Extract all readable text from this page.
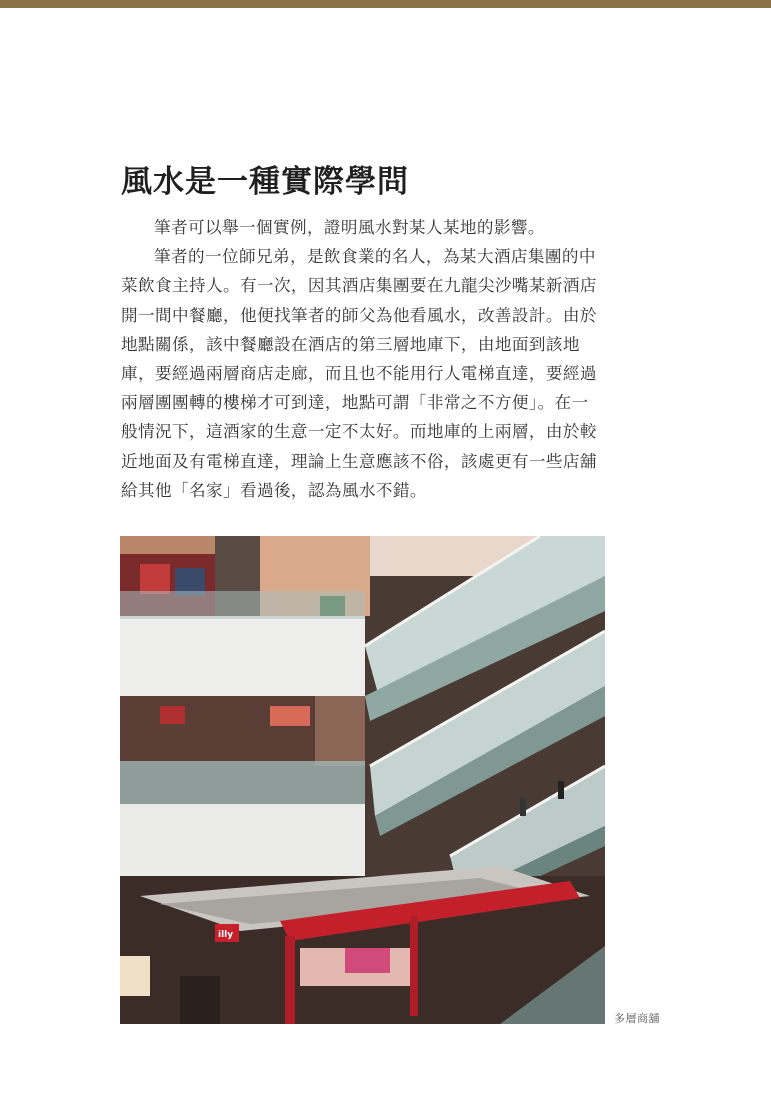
風水是一種實際學問

筆者可以舉一個實例，證明風水對某人某地的影響。

筆者的一位師兄弟，是飲食業的名人，為某大酒店集團的中菜飲食主持人。有一次，因其酒店集團要在九龍尖沙嘴某新酒店開一間中餐廳，他便找筆者的師父為他看風水，改善設計。由於地點關係，該中餐廳設在酒店的第三層地庫下，由地面到該地庫，要經過兩層商店走廊，而且也不能用行人電梯直達，要經過兩層團團轉的樓梯才可到達，地點可謂「非常之不方便」。在一般情況下，這酒家的生意一定不太好。而地庫的上兩層，由於較近地面及有電梯直達，理論上生意應該不俗，該處更有一些店舖給其他「名家」看過後，認為風水不錯。

illy
多層商舖
